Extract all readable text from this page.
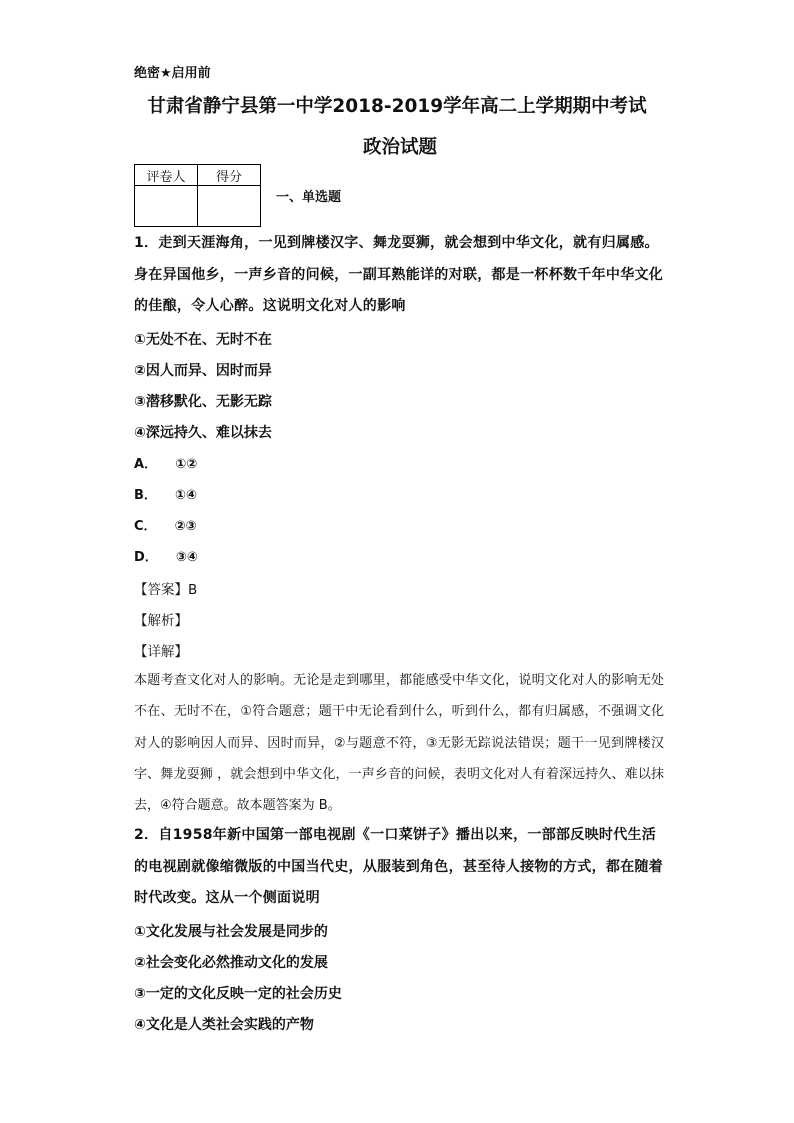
绝密★启用前
甘肃省静宁县第一中学2018-2019学年高二上学期期中考试
政治试题
评卷人	得分

一、单选题
1．走到天涯海角，一见到牌楼汉字、舞龙耍狮，就会想到中华文化，就有归属感。身在异国他乡，一声乡音的问候，一副耳熟能详的对联，都是一杯杯数千年中华文化的佳酿，令人心醉。这说明文化对人的影响
①无处不在、无时不在
②因人而异、因时而异
③潜移默化、无影无踪
④深远持久、难以抹去
A． ①②
B． ①④
C． ②③
D． ③④
【答案】B
【解析】
【详解】
本题考查文化对人的影响。无论是走到哪里，都能感受中华文化，说明文化对人的影响无处不在、无时不在，①符合题意；题干中无论看到什么，听到什么，都有归属感，不强调文化对人的影响因人而异、因时而异，②与题意不符，③无影无踪说法错误；题干一见到牌楼汉字、舞龙耍狮 ，就会想到中华文化，一声乡音的问候，表明文化对人有着深远持久、难以抹去，④符合题意。故本题答案为 B。
2．自1958年新中国第一部电视剧《一口菜饼子》播出以来，一部部反映时代生活的电视剧就像缩微版的中国当代史，从服装到角色，甚至待人接物的方式，都在随着时代改变。这从一个侧面说明
①文化发展与社会发展是同步的
②社会变化必然推动文化的发展
③一定的文化反映一定的社会历史
④文化是人类社会实践的产物
